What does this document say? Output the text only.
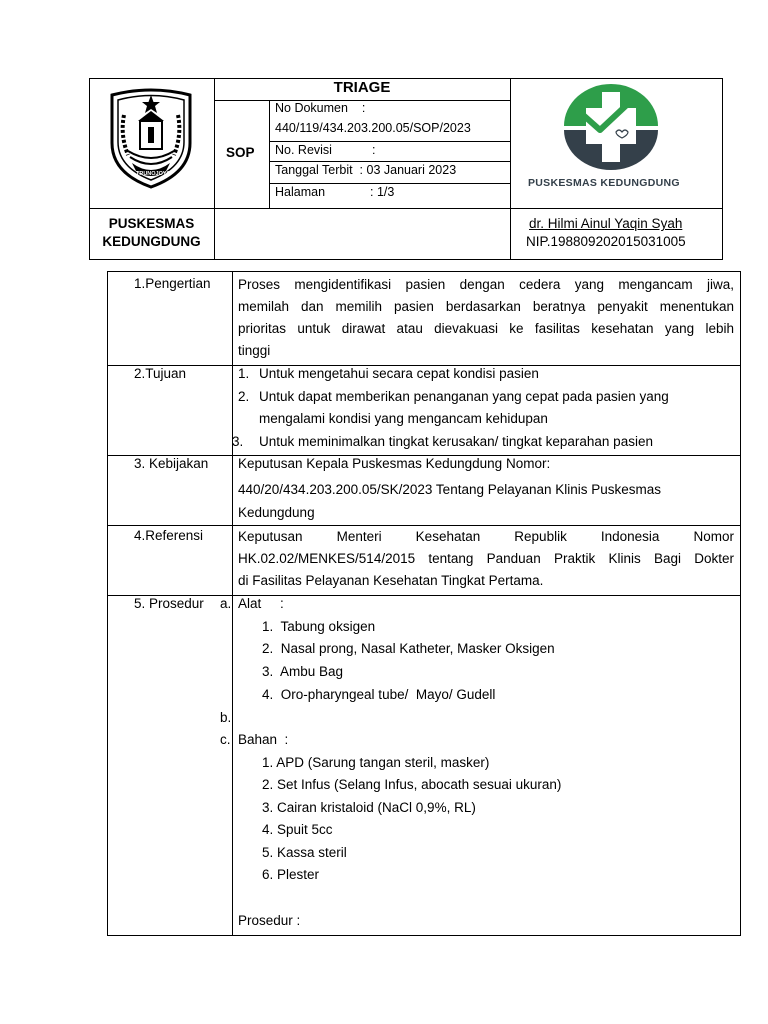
TRUNOJOYO
TRIAGE
SOP
No Dokumen    :
440/119/434.203.200.05/SOP/2023
No. Revisi	:
Tanggal Terbit  : 03 Januari 2023
Halaman	: 1/3
PUSKESMAS KEDUNGDUNG
PUSKESMAS
KEDUNGDUNG
dr. Hilmi Ainul Yaqin Syah
NIP.198809202015031005
1.Pengertian Proses mengidentifikasi pasien dengan cedera yang mengancam jiwa,
memilah dan memilih pasien berdasarkan beratnya penyakit menentukan
prioritas untuk dirawat atau dievakuasi ke fasilitas kesehatan yang lebih
tinggi
2.Tujuan	1. Untuk mengetahui secara cepat kondisi pasien
2. Untuk dapat memberikan penanganan yang cepat pada pasien yang
mengalami kondisi yang mengancam kehidupan
3. Untuk meminimalkan tingkat kerusakan/ tingkat keparahan pasien
3. Kebijakan Keputusan Kepala Puskesmas Kedungdung Nomor:
440/20/434.203.200.05/SK/2023 Tentang Pelayanan Klinis Puskesmas
Kedungdung
4.Referensi	Keputusan Menteri Kesehatan Republik Indonesia Nomor
HK.02.02/MENKES/514/2015 tentang Panduan Praktik Klinis Bagi Dokter
di Fasilitas Pelayanan Kesehatan Tingkat Pertama.
5. Prosedur a. Alat     :
1.  Tabung oksigen
2.  Nasal prong, Nasal Katheter, Masker Oksigen
3.  Ambu Bag
4.  Oro-pharyngeal tube/  Mayo/ Gudell
b.
c. Bahan  :
1. APD (Sarung tangan steril, masker)
2. Set Infus (Selang Infus, abocath sesuai ukuran)
3. Cairan kristaloid (NaCl 0,9%, RL)
4. Spuit 5cc
5. Kassa steril
6. Plester
Prosedur :
